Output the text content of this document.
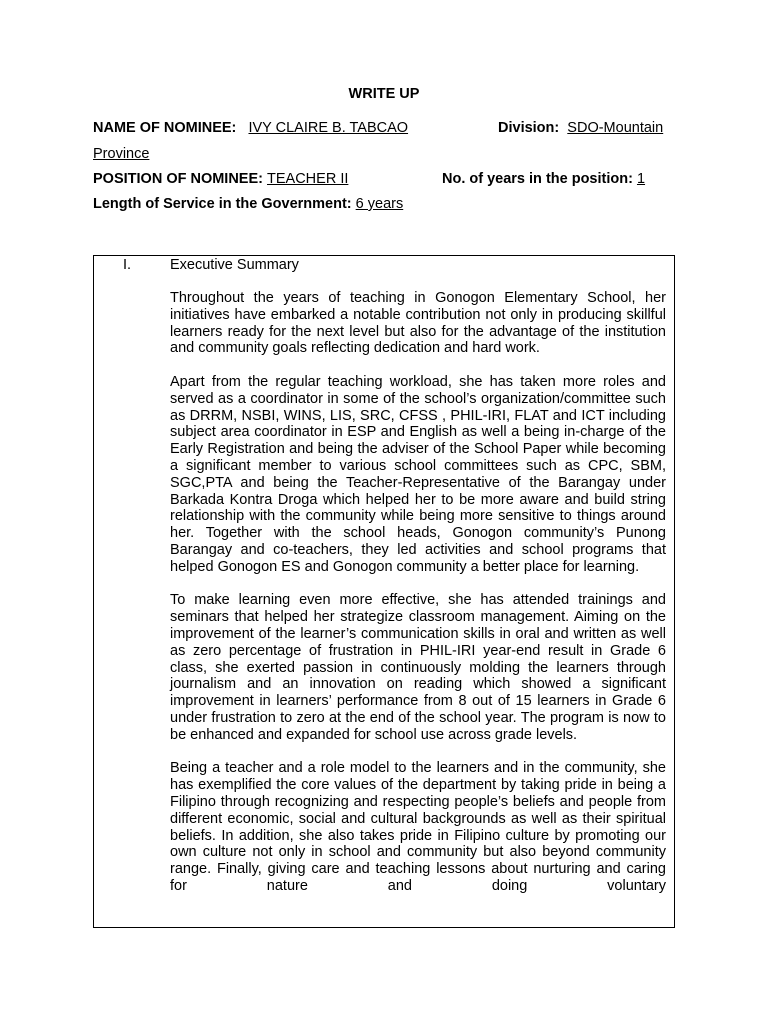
WRITE UP
NAME OF NOMINEE: IVY CLAIRE B. TABCAO	Division: SDO-Mountain
Province
POSITION OF NOMINEE: TEACHER II	No. of years in the position: 1
Length of Service in the Government: 6 years
I.	Executive Summary

Throughout the years of teaching in Gonogon Elementary School, her initiatives have embarked a notable contribution not only in producing skillful learners ready for the next level but also for the advantage of the institution and community goals reflecting dedication and hard work.

Apart from the regular teaching workload, she has taken more roles and served as a coordinator in some of the school’s organization/committee such as DRRM, NSBI, WINS, LIS, SRC, CFSS , PHIL-IRI, FLAT and ICT including subject area coordinator in ESP and English as well a being in-charge of the Early Registration and being the adviser of the School Paper while becoming a significant member to various school committees such as CPC, SBM, SGC,PTA and being the Teacher-Representative of the Barangay under Barkada Kontra Droga which helped her to be more aware and build string relationship with the community while being more sensitive to things around her. Together with the school heads, Gonogon community’s Punong Barangay and co-teachers, they led activities and school programs that helped Gonogon ES and Gonogon community a better place for learning.

To make learning even more effective, she has attended trainings and seminars that helped her strategize classroom management. Aiming on the improvement of the learner’s communication skills in oral and written as well as zero percentage of frustration in PHIL-IRI year-end result in Grade 6 class, she exerted passion in continuously molding the learners through journalism and an innovation on reading which showed a significant improvement in learners’ performance from 8 out of 15 learners in Grade 6 under frustration to zero at the end of the school year. The program is now to be enhanced and expanded for school use across grade levels.

Being a teacher and a role model to the learners and in the community, she has exemplified the core values of the department by taking pride in being a Filipino through recognizing and respecting people’s beliefs and people from different economic, social and cultural backgrounds as well as their spiritual beliefs. In addition, she also takes pride in Filipino culture by promoting our own culture not only in school and community but also beyond community range. Finally, giving care and teaching lessons about nurturing and caring for nature and doing voluntary
